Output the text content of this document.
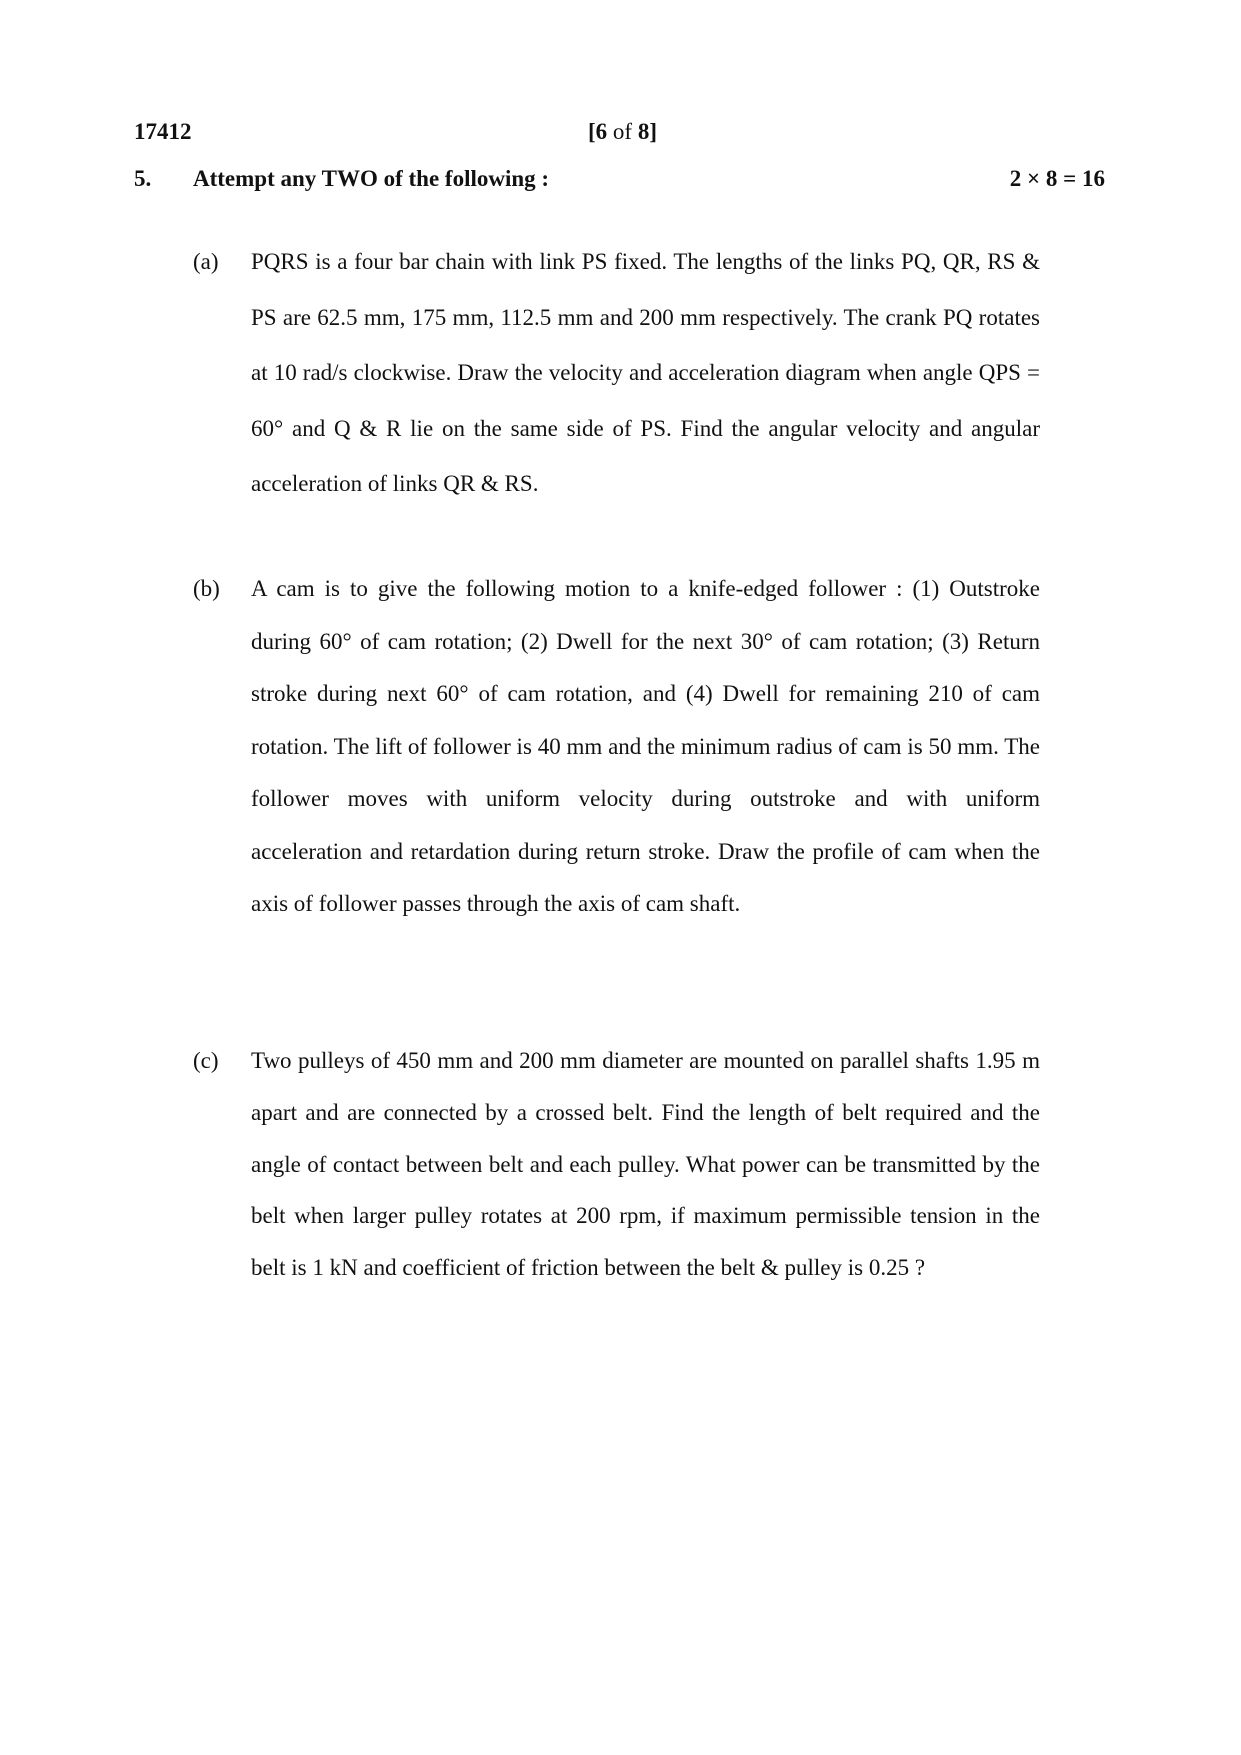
17412	[6 of 8]
5. Attempt any TWO of the following :	2 × 8 = 16
(a) PQRS is a four bar chain with link PS fixed. The lengths of the links PQ, QR, RS & PS are 62.5 mm, 175 mm, 112.5 mm and 200 mm respectively. The crank PQ rotates at 10 rad/s clockwise. Draw the velocity and acceleration diagram when angle QPS = 60° and Q & R lie on the same side of PS. Find the angular velocity and angular acceleration of links QR & RS.
(b) A cam is to give the following motion to a knife-edged follower : (1) Outstroke during 60° of cam rotation; (2) Dwell for the next 30° of cam rotation; (3) Return stroke during next 60° of cam rotation, and (4) Dwell for remaining 210 of cam rotation. The lift of follower is 40 mm and the minimum radius of cam is 50 mm. The follower moves with uniform velocity during outstroke and with uniform acceleration and retardation during return stroke. Draw the profile of cam when the axis of follower passes through the axis of cam shaft.
(c) Two pulleys of 450 mm and 200 mm diameter are mounted on parallel shafts 1.95 m apart and are connected by a crossed belt. Find the length of belt required and the angle of contact between belt and each pulley. What power can be transmitted by the belt when larger pulley rotates at 200 rpm, if maximum permissible tension in the belt is 1 kN and coefficient of friction between the belt & pulley is 0.25 ?
